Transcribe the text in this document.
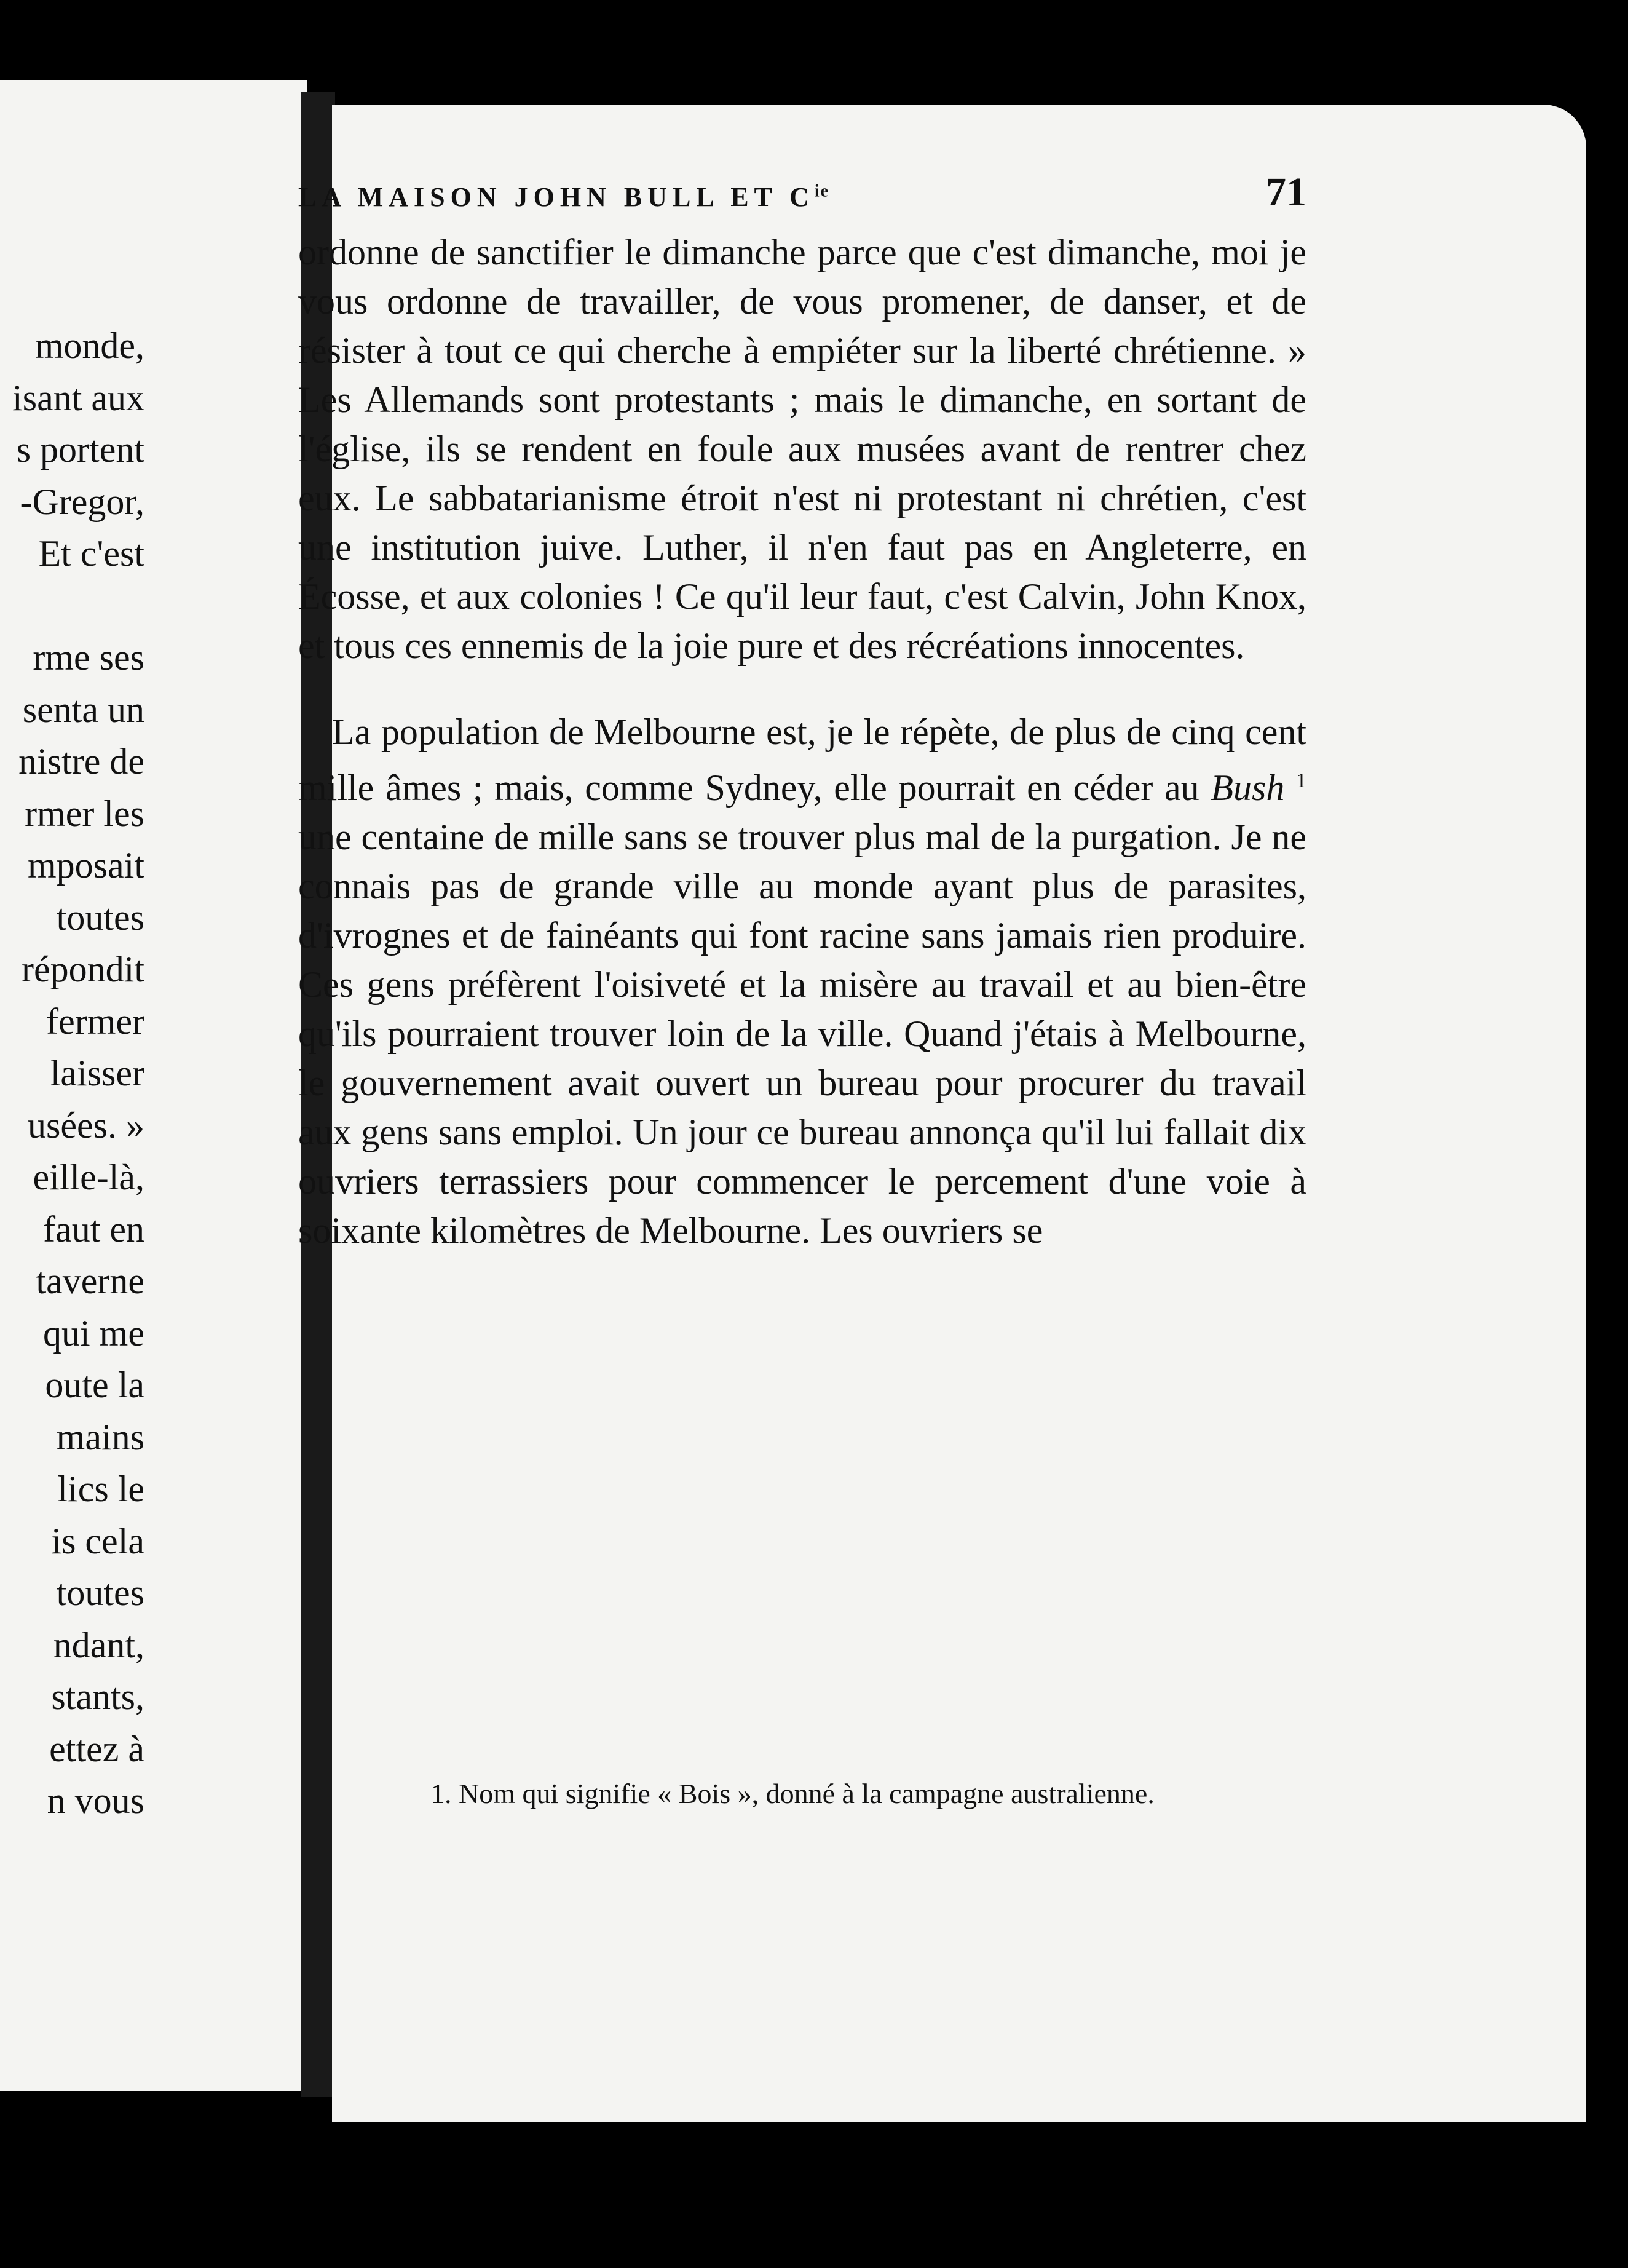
monde,
isant aux
s portent
-Gregor,
Et c'est
rme ses
senta un
nistre de
rmer les
mposait
toutes
répondit
fermer
laisser
usées. »
eille-là,
faut en
taverne
qui me
oute la
mains
lics le
is cela
toutes
ndant,
stants,
ettez à
n vous
LA MAISON JOHN BULL ET $C^{ie}$	71

ordonne de sanctifier le dimanche parce que c'est dimanche, moi je vous ordonne de travailler, de vous promener, de danser, et de résister à tout ce qui cherche à empiéter sur la liberté chrétienne. » Les Allemands sont protestants ; mais le dimanche, en sortant de l'église, ils se rendent en foule aux musées avant de rentrer chez eux. Le sabbatarianisme étroit n'est ni protestant ni chrétien, c'est une institution juive. Luther, il n'en faut pas en Angleterre, en Écosse, et aux colonies ! Ce qu'il leur faut, c'est Calvin, John Knox, et tous ces ennemis de la joie pure et des récréations innocentes.

La population de Melbourne est, je le répète, de plus de cinq cent mille âmes ; mais, comme Sydney, elle pourrait en céder au Bush $^1$ une centaine de mille sans se trouver plus mal de la purgation. Je ne connais pas de grande ville au monde ayant plus de parasites, d'ivrognes et de fainéants qui font racine sans jamais rien produire. Ces gens préfèrent l'oisiveté et la misère au travail et au bien-être qu'ils pourraient trouver loin de la ville. Quand j'étais à Melbourne, le gouvernement avait ouvert un bureau pour procurer du travail aux gens sans emploi. Un jour ce bureau annonça qu'il lui fallait dix ouvriers terrassiers pour commencer le percement d'une voie à soixante kilomètres de Melbourne. Les ouvriers se

1. Nom qui signifie « Bois », donné à la campagne australienne.
